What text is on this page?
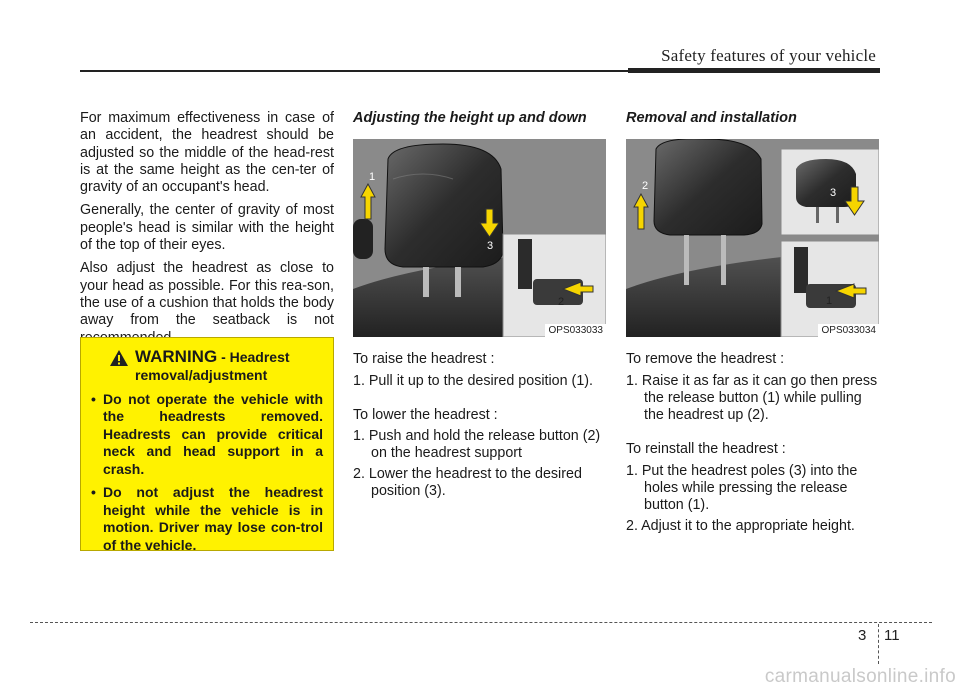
Safety features of your vehicle

For maximum effectiveness in case of an accident, the headrest should be adjusted so the middle of the head-rest is at the same height as the cen-ter of gravity of an occupant's head.

Generally, the center of gravity of most people's head is similar with the height of the top of their eyes.

Also adjust the headrest as close to your head as possible. For this rea-son, the use of a cushion that holds the body away from the seatback is not

WARNING - Headrest
removal/adjustment
• Do not operate the vehicle with the headrests removed. Headrests can provide critical neck and head support in a crash.
• Do not adjust the headrest height while the vehicle is in motion. Driver may lose con-trol of the vehicle.

Adjusting the height up and down

1
2
3
OPS033033

To raise the headrest :

1. Pull it up to the desired position (1).

To lower the headrest :

1. Push and hold the release button (2) on the headrest support

2. Lower the headrest to the desired position (3).

Removal and installation

1
2
3
OPS033034

To remove the headrest :

1. Raise it as far as it can go then press the release button (1) while pulling the headrest up (2).

To reinstall the headrest :

1. Put the headrest poles (3) into the holes while pressing the release button (1).

2. Adjust it to the appropriate height.

3 11
carmanualsonline.info
